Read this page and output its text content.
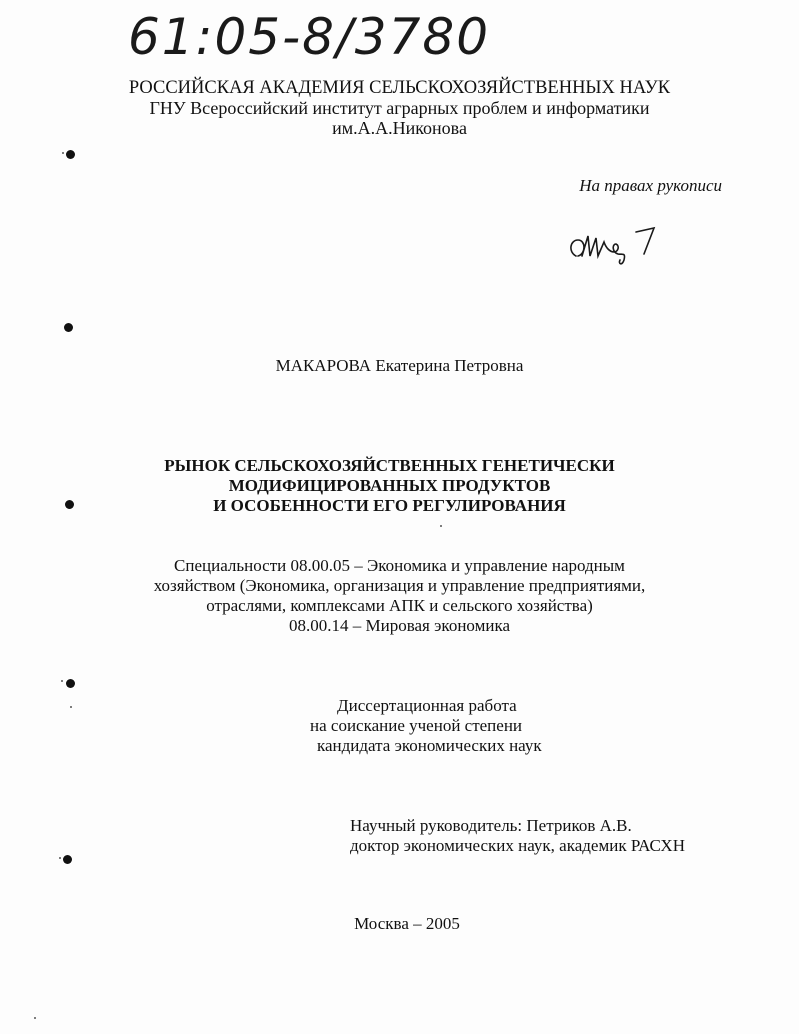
61:05-8/3780
РОССИЙСКАЯ АКАДЕМИЯ СЕЛЬСКОХОЗЯЙСТВЕННЫХ НАУК
ГНУ Всероссийский институт аграрных проблем и информатики
им.А.А.Никонова
На правах рукописи
МАКАРОВА Екатерина Петровна
РЫНОК СЕЛЬСКОХОЗЯЙСТВЕННЫХ ГЕНЕТИЧЕСКИ
МОДИФИЦИРОВАННЫХ ПРОДУКТОВ
И ОСОБЕННОСТИ ЕГО РЕГУЛИРОВАНИЯ
Специальности 08.00.05 – Экономика и управление народным
хозяйством (Экономика, организация и управление предприятиями,
отраслями, комплексами АПК и сельского хозяйства)
08.00.14 – Мировая экономика
Диссертационная работа
на соискание ученой степени
кандидата экономических наук
Научный руководитель: Петриков А.В.
доктор экономических наук, академик РАСХН
Москва – 2005
